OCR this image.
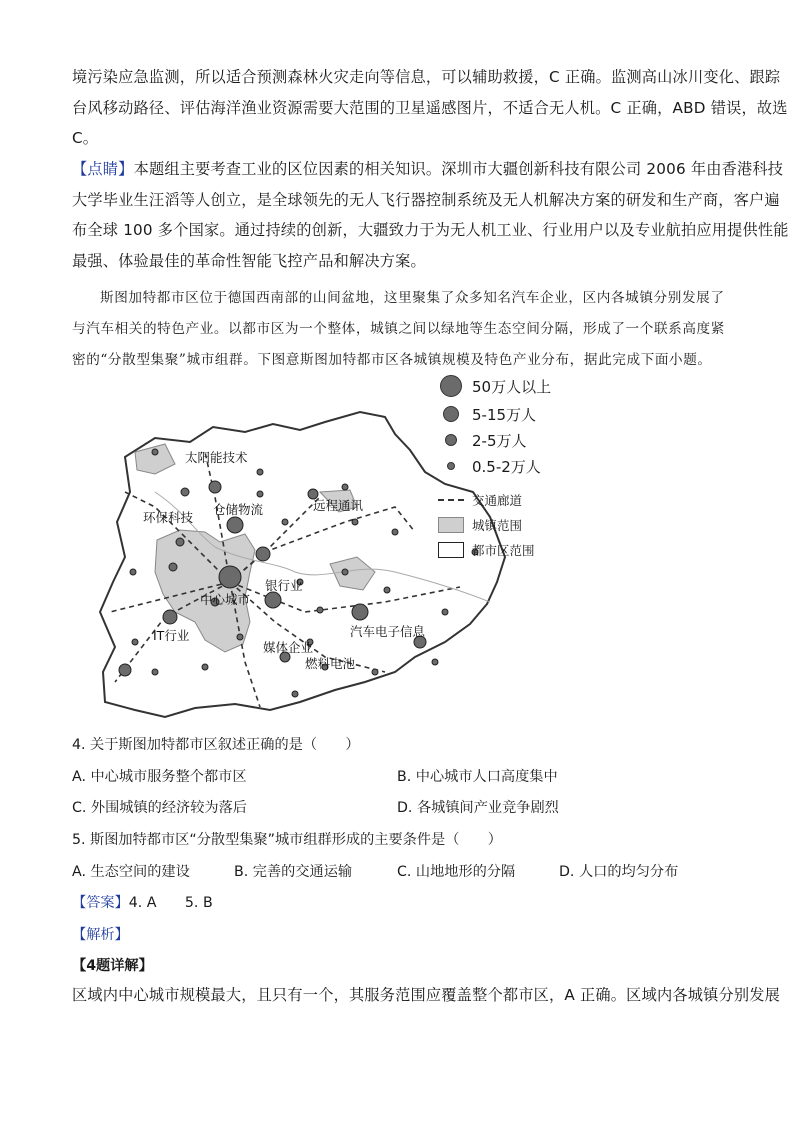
境污染应急监测，所以适合预测森林火灾走向等信息，可以辅助救援，C 正确。监测高山冰川变化、跟踪
台风移动路径、评估海洋渔业资源需要大范围的卫星遥感图片，不适合无人机。C 正确，ABD 错误，故选
C。
【点睛】本题组主要考查工业的区位因素的相关知识。深圳市大疆创新科技有限公司 2006 年由香港科技
大学毕业生汪滔等人创立，是全球领先的无人飞行器控制系统及无人机解决方案的研发和生产商，客户遍
布全球 100 多个国家。通过持续的创新，大疆致力于为无人机工业、行业用户以及专业航拍应用提供性能
最强、体验最佳的革命性智能飞控产品和解决方案。
斯图加特都市区位于德国西南部的山间盆地，这里聚集了众多知名汽车企业，区内各城镇分别发展了
与汽车相关的特色产业。以都市区为一个整体，城镇之间以绿地等生态空间分隔，形成了一个联系高度紧
密的“分散型集聚”城市组群。下图意斯图加特都市区各城镇规模及特色产业分布，据此完成下面小题。
太阳能技术
环保科技
仓储物流	远程通讯
银行业
中心城市
IT行业
媒体企业
燃料电池
汽车电子信息
50万人以上
5-15万人
2-5万人
0.5-2万人
交通廊道
城镇范围
都市区范围
4. 关于斯图加特都市区叙述正确的是（　　）
A. 中心城市服务整个都市区	B. 中心城市人口高度集中
C. 外围城镇的经济较为落后	D. 各城镇间产业竞争剧烈
5. 斯图加特都市区“分散型集聚”城市组群形成的主要条件是（　　）
A. 生态空间的建设	B. 完善的交通运输	C. 山地地形的分隔	D. 人口的均匀分布
【答案】4. A　　5. B
【解析】
【4题详解】
区域内中心城市规模最大，且只有一个，其服务范围应覆盖整个都市区，A 正确。区域内各城镇分别发展
